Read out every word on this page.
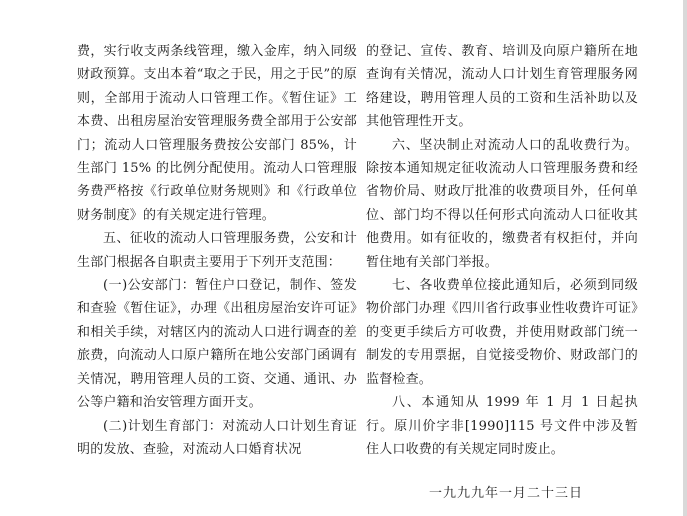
费，实行收支两条线管理，缴入金库，纳入同级财政预算。支出本着“取之于民，用之于民”的原则，全部用于流动人口管理工作。《暂住证》工本费、出租房屋治安管理服务费全部用于公安部门；流动人口管理服务费按公安部门 85%，计生部门 15% 的比例分配使用。流动人口管理服务费严格按《行政单位财务规则》和《行政单位财务制度》的有关规定进行管理。

五、征收的流动人口管理服务费，公安和计生部门根据各自职责主要用于下列开支范围：

(一)公安部门：暂住户口登记，制作、签发和查验《暂住证》，办理《出租房屋治安许可证》和相关手续，对辖区内的流动人口进行调查的差旅费，向流动人口原户籍所在地公安部门函调有关情况，聘用管理人员的工资、交通、通讯、办公等户籍和治安管理方面开支。

(二)计划生育部门：对流动人口计划生育证明的发放、查验，对流动人口婚育状况

的登记、宣传、教育、培训及向原户籍所在地查询有关情况，流动人口计划生育管理服务网络建设，聘用管理人员的工资和生活补助以及其他管理性开支。

六、坚决制止对流动人口的乱收费行为。除按本通知规定征收流动人口管理服务费和经省物价局、财政厅批准的收费项目外，任何单位、部门均不得以任何形式向流动人口征收其他费用。如有征收的，缴费者有权拒付，并向暂住地有关部门举报。

七、各收费单位接此通知后，必须到同级物价部门办理《四川省行政事业性收费许可证》的变更手续后方可收费，并使用财政部门统一制发的专用票据，自觉接受物价、财政部门的监督检查。

八、本通知从 1999 年 1 月 1 日起执行。原川价字非[1990]115 号文件中涉及暂住人口收费的有关规定同时废止。

一九九九年一月二十三日
